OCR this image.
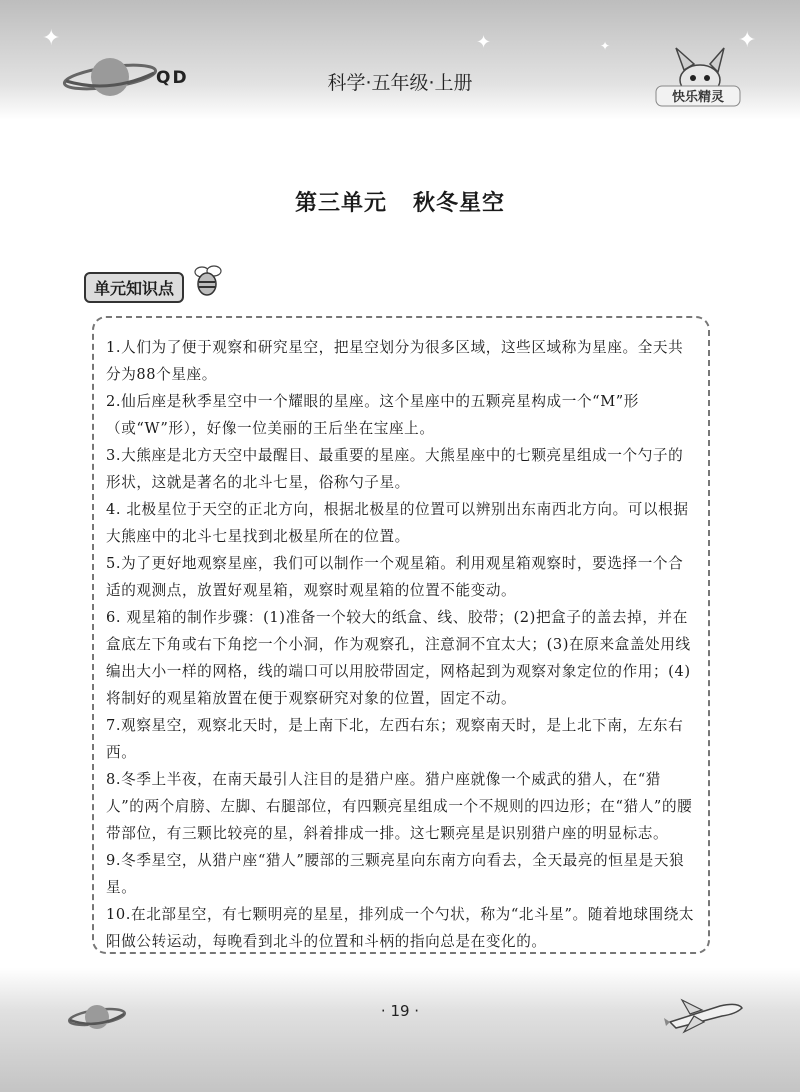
✦	✦	✦
✦
QD	科学·五年级·上册
快乐精灵
第三单元 秋冬星空
单元知识点
1.人们为了便于观察和研究星空，把星空划分为很多区域，这些区域称为星座。全天共分为88个星座。
2.仙后座是秋季星空中一个耀眼的星座。这个星座中的五颗亮星构成一个“M”形（或“W”形），好像一位美丽的王后坐在宝座上。
3.大熊座是北方天空中最醒目、最重要的星座。大熊星座中的七颗亮星组成一个勺子的形状，这就是著名的北斗七星，俗称勺子星。
4. 北极星位于天空的正北方向，根据北极星的位置可以辨别出东南西北方向。可以根据大熊座中的北斗七星找到北极星所在的位置。
5.为了更好地观察星座，我们可以制作一个观星箱。利用观星箱观察时，要选择一个合适的观测点，放置好观星箱，观察时观星箱的位置不能变动。
6. 观星箱的制作步骤：(1)准备一个较大的纸盒、线、胶带；(2)把盒子的盖去掉，并在盒底左下角或右下角挖一个小洞，作为观察孔，注意洞不宜太大；(3)在原来盒盖处用线编出大小一样的网格，线的端口可以用胶带固定，网格起到为观察对象定位的作用；(4)将制好的观星箱放置在便于观察研究对象的位置，固定不动。
7.观察星空，观察北天时，是上南下北，左西右东；观察南天时，是上北下南，左东右西。
8.冬季上半夜，在南天最引人注目的是猎户座。猎户座就像一个威武的猎人，在“猎人”的两个肩膀、左脚、右腿部位，有四颗亮星组成一个不规则的四边形；在“猎人”的腰带部位，有三颗比较亮的星，斜着排成一排。这七颗亮星是识别猎户座的明显标志。
9.冬季星空，从猎户座“猎人”腰部的三颗亮星向东南方向看去，全天最亮的恒星是天狼星。
10.在北部星空，有七颗明亮的星星，排列成一个勺状，称为“北斗星”。随着地球围绕太阳做公转运动，每晚看到北斗的位置和斗柄的指向总是在变化的。
· 19 ·
